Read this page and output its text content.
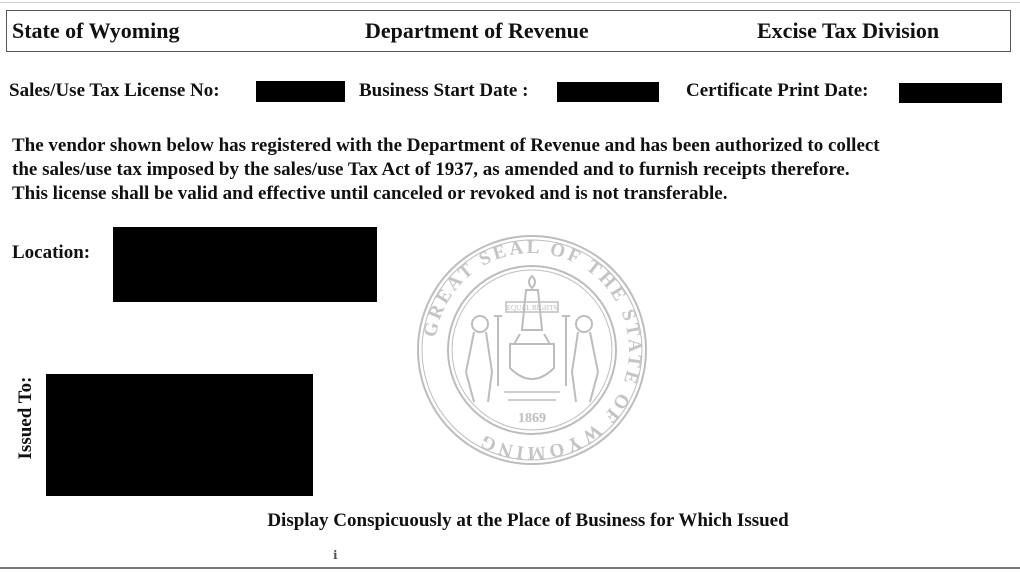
State of Wyoming	Department of Revenue	Excise Tax Division
Sales/Use Tax License No:	Business Start Date :	Certificate Print Date:
The vendor shown below has registered with the Department of Revenue and has been authorized to collect
the sales/use tax imposed by the sales/use Tax Act of 1937, as amended and to furnish receipts therefore.
This license shall be valid and effective until canceled or revoked and is not transferable.
Location:
Issued To:
GREAT SEAL OF THE STATE OF WYOMING
EQUAL RIGHTS
1869
Display Conspicuously at the Place of Business for Which Issued
ℹ
